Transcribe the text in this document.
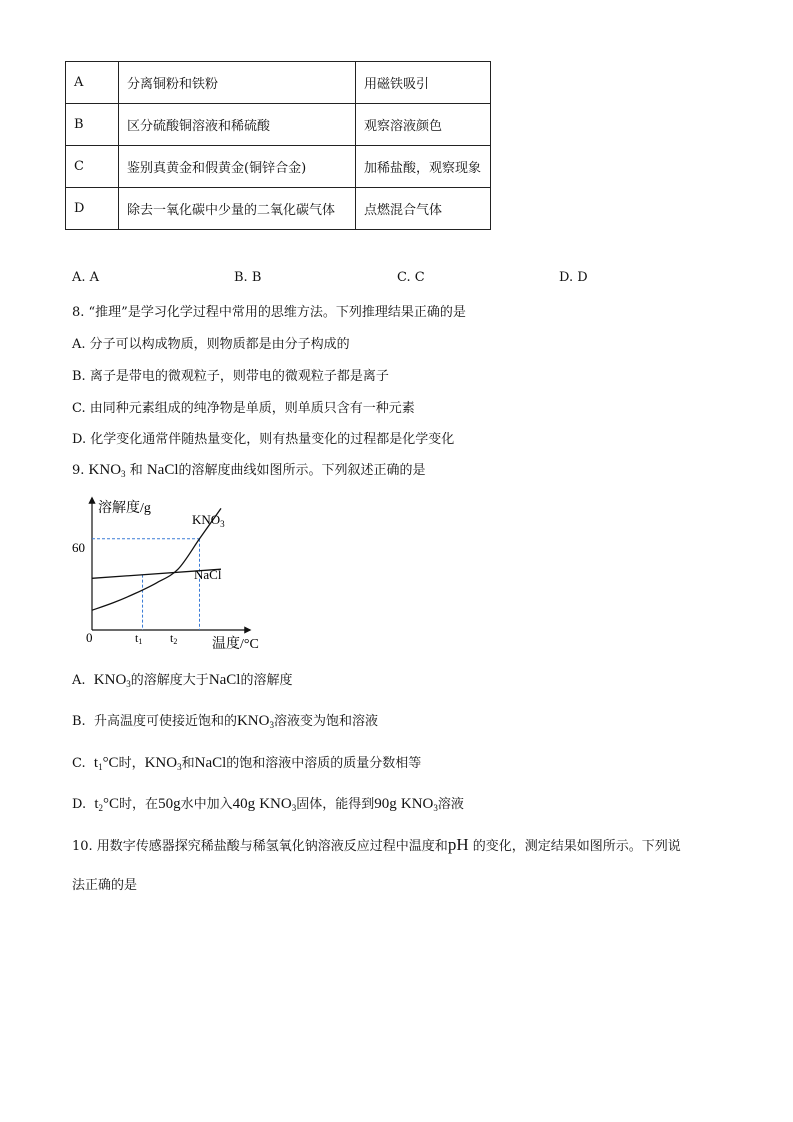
A	分离铜粉和铁粉	用磁铁吸引
B	区分硫酸铜溶液和稀硫酸	观察溶液颜色
C	鉴别真黄金和假黄金(铜锌合金)	加稀盐酸，观察现象
D	除去一氧化碳中少量的二氧化碳气体	点燃混合气体
A. A	B. B	C. C	D. D
8. “推理”是学习化学过程中常用的思维方法。下列推理结果正确的是
A. 分子可以构成物质，则物质都是由分子构成的
B. 离子是带电的微观粒子，则带电的微观粒子都是离子
C. 由同种元素组成的纯净物是单质，则单质只含有一种元素
D. 化学变化通常伴随热量变化，则有热量变化的过程都是化学变化
9. $KNO_3$ 和 NaCl的溶解度曲线如图所示。下列叙述正确的是
溶解度/g
温度/°C
0
60
$KNO_3$
NaCl
t1 t2
A. $KNO_3$的溶解度大于NaCl的溶解度
B. 升高温度可使接近饱和的$KNO_3$溶液变为饱和溶液
C. $t_1^\circ C$时，$KNO_3$和NaCl的饱和溶液中溶质的质量分数相等
D. $t_2^\circ C$时，在50g水中加入40g $KNO_3$固体，能得到90g $KNO_3$溶液
10. 用数字传感器探究稀盐酸与稀氢氧化钠溶液反应过程中温度和pH 的变化，测定结果如图所示。下列说
法正确的是
